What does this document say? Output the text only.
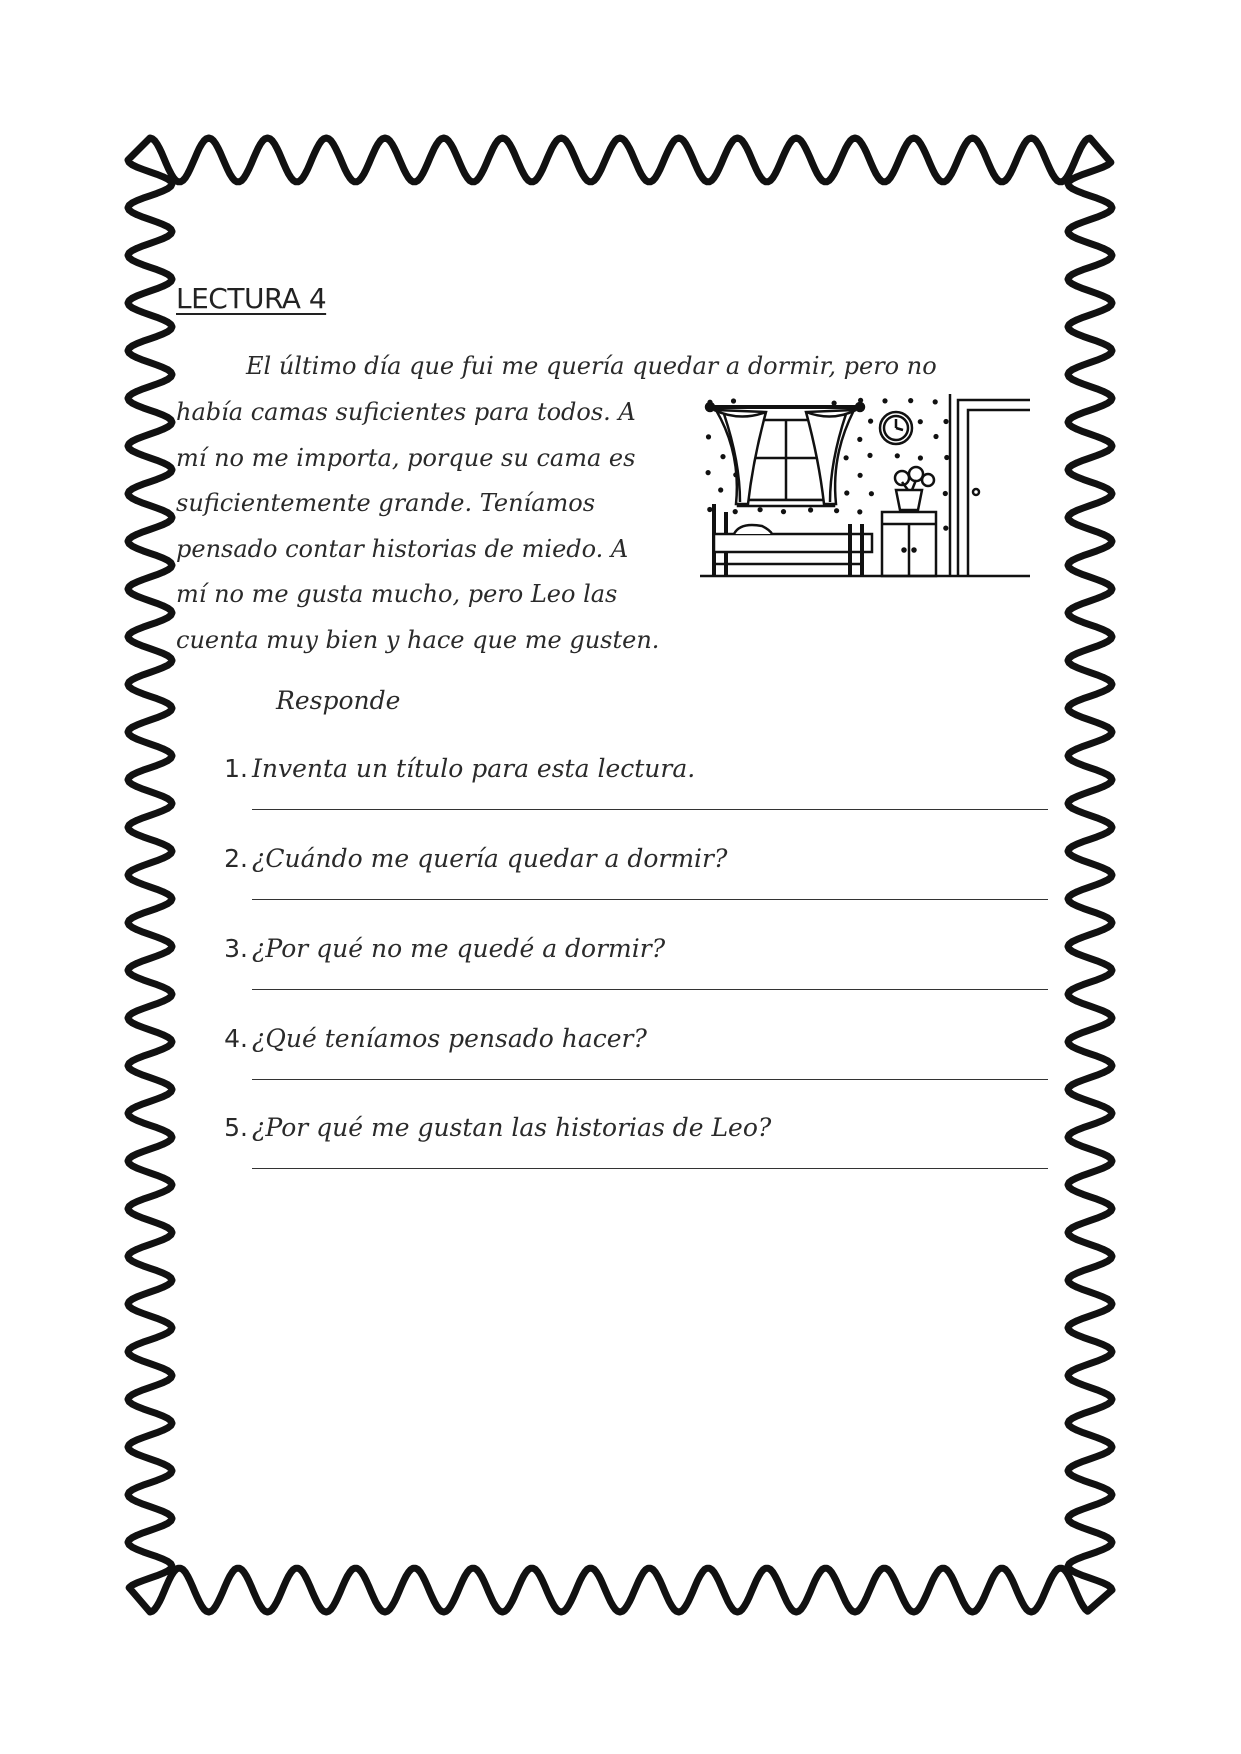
LECTURA 4
El último día que fui me quería quedar a dormir, pero no
había camas suficientes para todos. A
mí no me importa, porque su cama es
suficientemente grande. Teníamos
pensado contar historias de miedo. A
mí no me gusta mucho, pero Leo las
cuenta muy bien y hace que me gusten.
Responde
1. Inventa un título para esta lectura.
2. ¿Cuándo me quería quedar a dormir?
3. ¿Por qué no me quedé a dormir?
4. ¿Qué teníamos pensado hacer?
5. ¿Por qué me gustan las historias de Leo?
